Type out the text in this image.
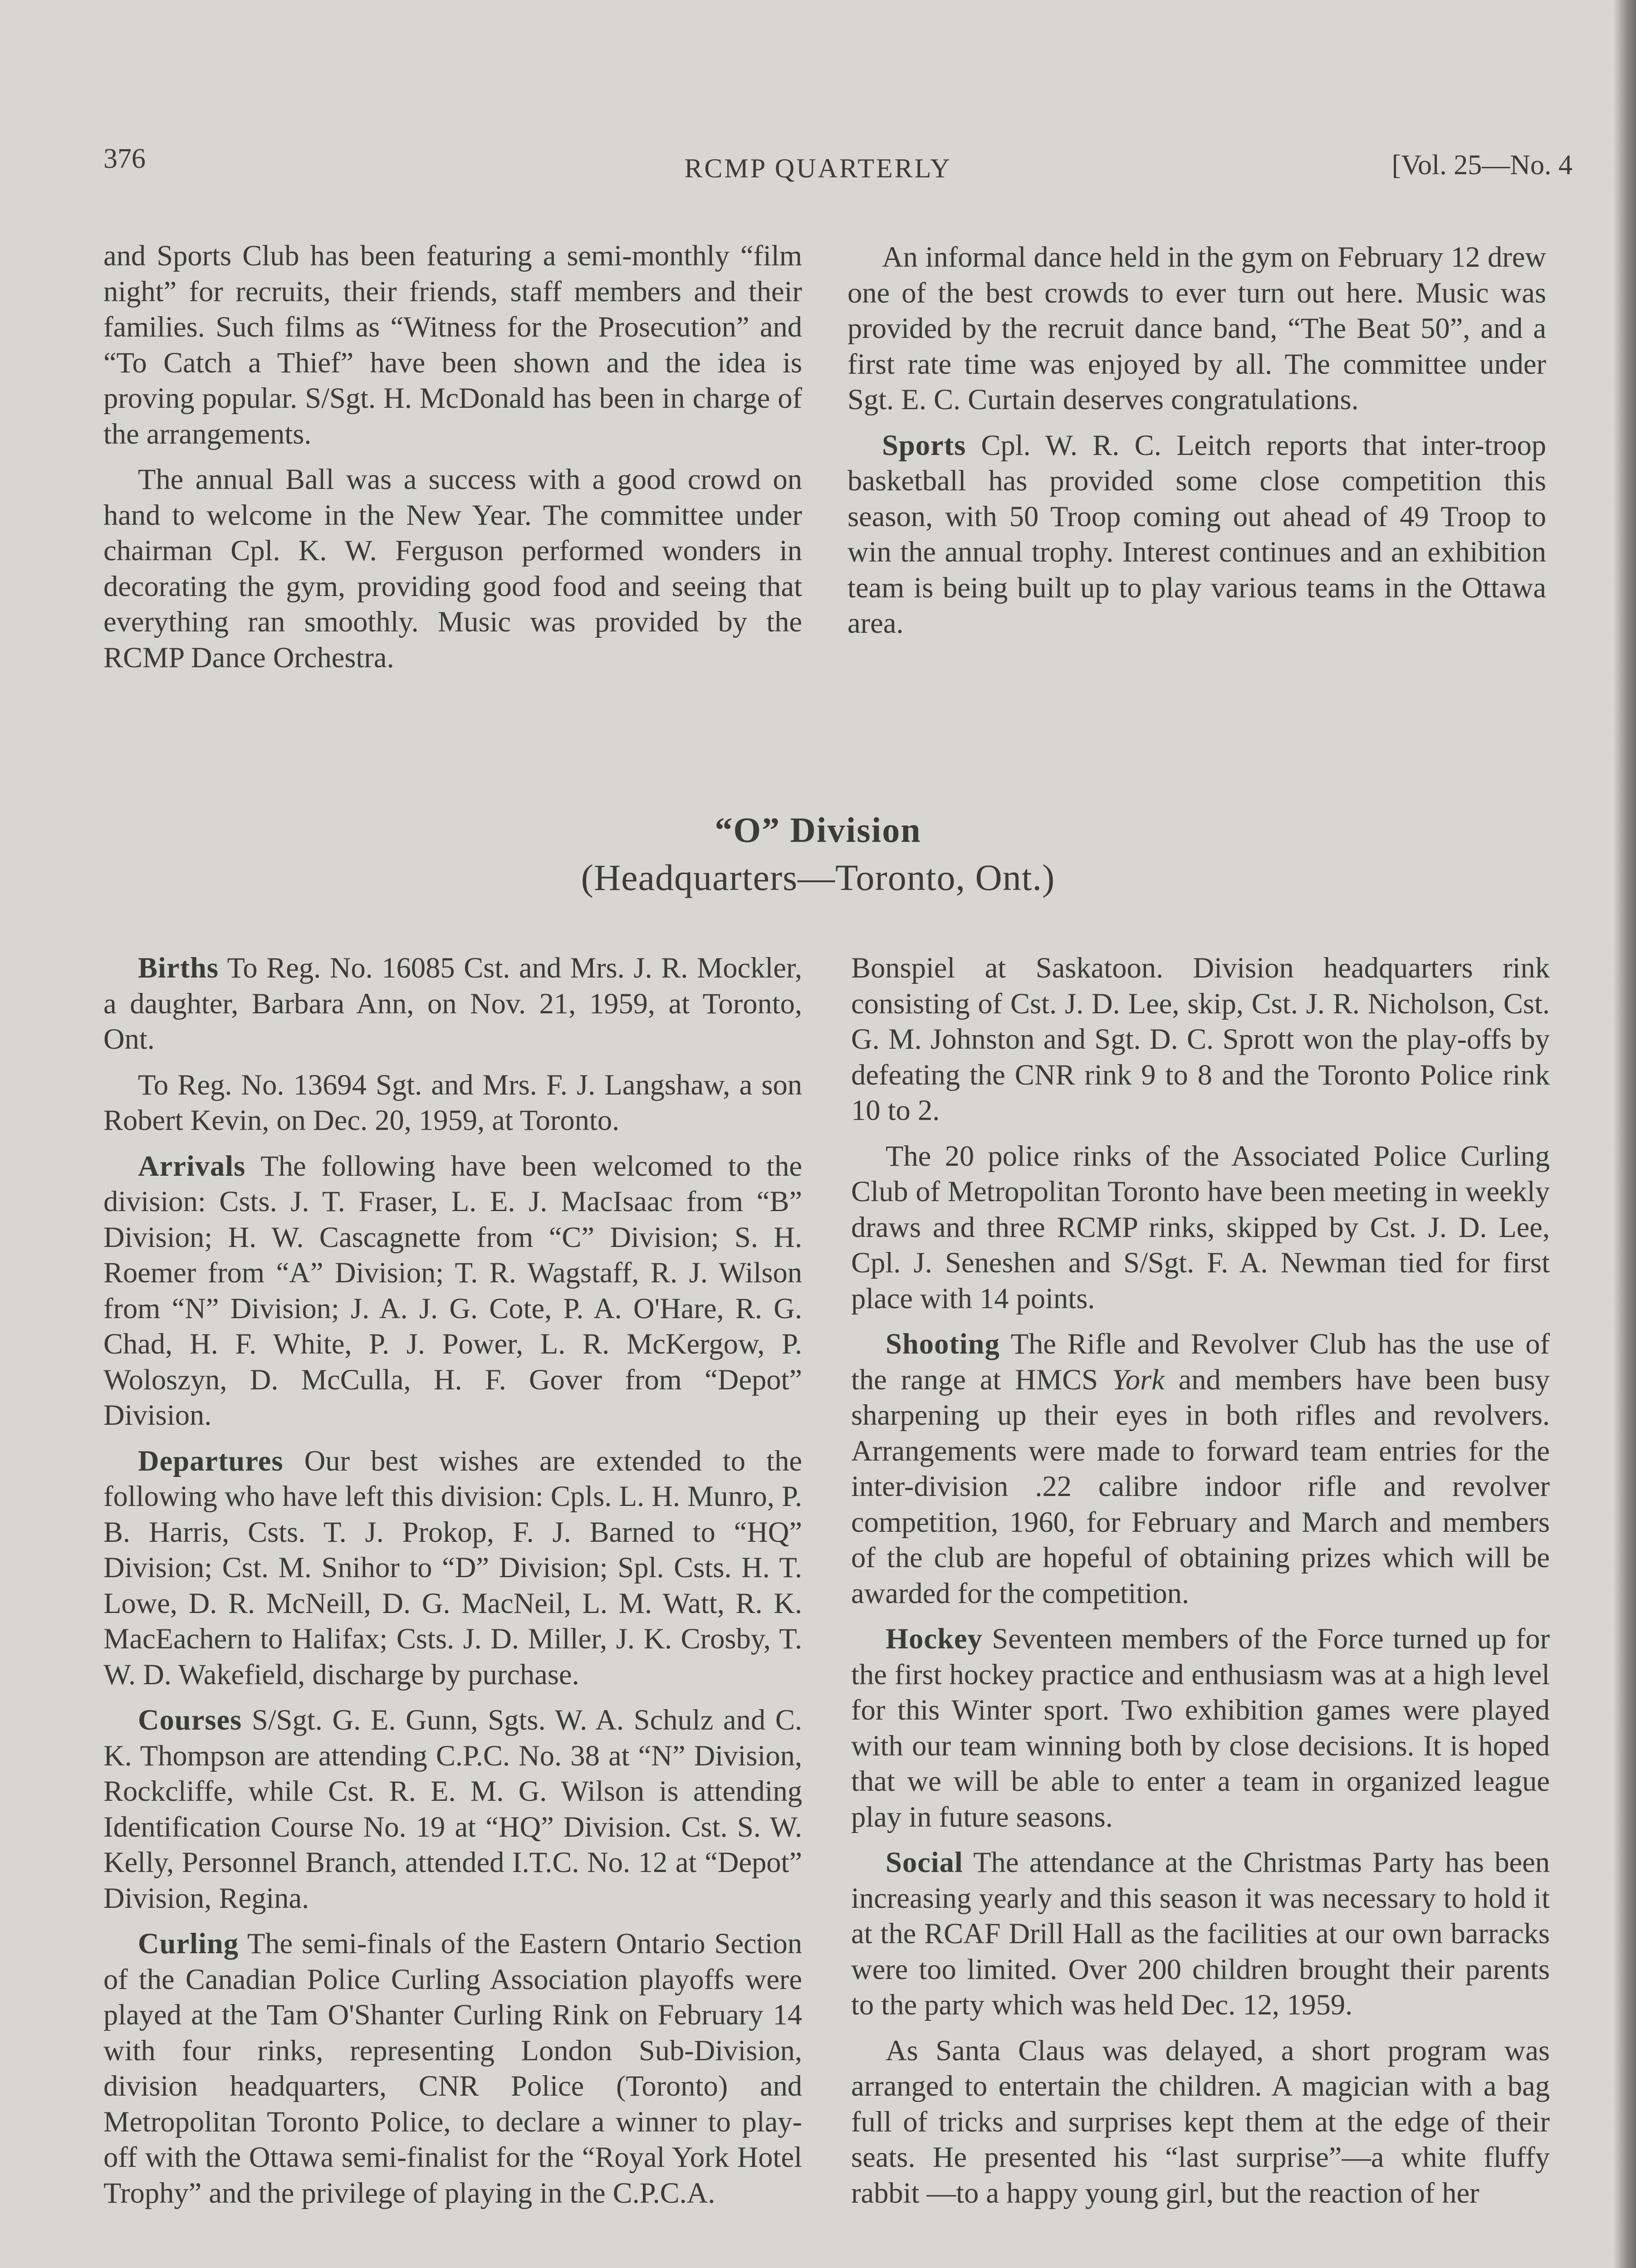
376	RCMP QUARTERLY	[Vol. 25—No. 4

and Sports Club has been featuring a semi-monthly “film night” for recruits, their friends, staff members and their families. Such films as “Witness for the Prosecution” and “To Catch a Thief” have been shown and the idea is proving popular. S/Sgt. H. McDonald has been in charge of the arrangements.

The annual Ball was a success with a good crowd on hand to welcome in the New Year. The committee under chairman Cpl. K. W. Ferguson performed wonders in decorating the gym, providing good food and seeing that everything ran smoothly. Music was provided by the RCMP Dance Orchestra.

An informal dance held in the gym on February 12 drew one of the best crowds to ever turn out here. Music was provided by the recruit dance band, “The Beat 50”, and a first rate time was enjoyed by all. The committee under Sgt. E. C. Curtain deserves congratulations.

Sports Cpl. W. R. C. Leitch reports that inter-troop basketball has provided some close competition this season, with 50 Troop coming out ahead of 49 Troop to win the annual trophy. Interest continues and an exhibition team is being built up to play various teams in the Ottawa area.

“O” Division
(Headquarters—Toronto, Ont.)

Births To Reg. No. 16085 Cst. and Mrs. J. R. Mockler, a daughter, Barbara Ann, on Nov. 21, 1959, at Toronto, Ont.

To Reg. No. 13694 Sgt. and Mrs. F. J. Langshaw, a son Robert Kevin, on Dec. 20, 1959, at Toronto.

Arrivals The following have been welcomed to the division: Csts. J. T. Fraser, L. E. J. MacIsaac from “B” Division; H. W. Cascagnette from “C” Division; S. H. Roemer from “A” Division; T. R. Wagstaff, R. J. Wilson from “N” Division; J. A. J. G. Cote, P. A. O'Hare, R. G. Chad, H. F. White, P. J. Power, L. R. McKergow, P. Woloszyn, D. McCulla, H. F. Gover from “Depot” Division.

Departures Our best wishes are extended to the following who have left this division: Cpls. L. H. Munro, P. B. Harris, Csts. T. J. Prokop, F. J. Barned to “HQ” Division; Cst. M. Snihor to “D” Division; Spl. Csts. H. T. Lowe, D. R. McNeill, D. G. MacNeil, L. M. Watt, R. K. MacEachern to Halifax; Csts. J. D. Miller, J. K. Crosby, T. W. D. Wakefield, discharge by purchase.

Courses S/Sgt. G. E. Gunn, Sgts. W. A. Schulz and C. K. Thompson are attending C.P.C. No. 38 at “N” Division, Rockcliffe, while Cst. R. E. M. G. Wilson is attending Identification Course No. 19 at “HQ” Division. Cst. S. W. Kelly, Personnel Branch, attended I.T.C. No. 12 at “Depot” Division, Regina.

Curling The semi-finals of the Eastern Ontario Section of the Canadian Police Curling Association playoffs were played at the Tam O'Shanter Curling Rink on February 14 with four rinks, representing London Sub-Division, division headquarters, CNR Police (Toronto) and Metropolitan Toronto Police, to declare a winner to play-off with the Ottawa semi-finalist for the “Royal York Hotel Trophy” and the privilege of playing in the C.P.C.A.

Bonspiel at Saskatoon. Division headquarters rink consisting of Cst. J. D. Lee, skip, Cst. J. R. Nicholson, Cst. G. M. Johnston and Sgt. D. C. Sprott won the play-offs by defeating the CNR rink 9 to 8 and the Toronto Police rink 10 to 2.

The 20 police rinks of the Associated Police Curling Club of Metropolitan Toronto have been meeting in weekly draws and three RCMP rinks, skipped by Cst. J. D. Lee, Cpl. J. Seneshen and S/Sgt. F. A. Newman tied for first place with 14 points.

Shooting The Rifle and Revolver Club has the use of the range at HMCS York and members have been busy sharpening up their eyes in both rifles and revolvers. Arrangements were made to forward team entries for the inter-division .22 calibre indoor rifle and revolver competition, 1960, for February and March and members of the club are hopeful of obtaining prizes which will be awarded for the competition.

Hockey Seventeen members of the Force turned up for the first hockey practice and enthusiasm was at a high level for this Winter sport. Two exhibition games were played with our team winning both by close decisions. It is hoped that we will be able to enter a team in organized league play in future seasons.

Social The attendance at the Christmas Party has been increasing yearly and this season it was necessary to hold it at the RCAF Drill Hall as the facilities at our own barracks were too limited. Over 200 children brought their parents to the party which was held Dec. 12, 1959.

As Santa Claus was delayed, a short program was arranged to entertain the children. A magician with a bag full of tricks and surprises kept them at the edge of their seats. He presented his “last surprise”—a white fluffy rabbit —to a happy young girl, but the reaction of her
